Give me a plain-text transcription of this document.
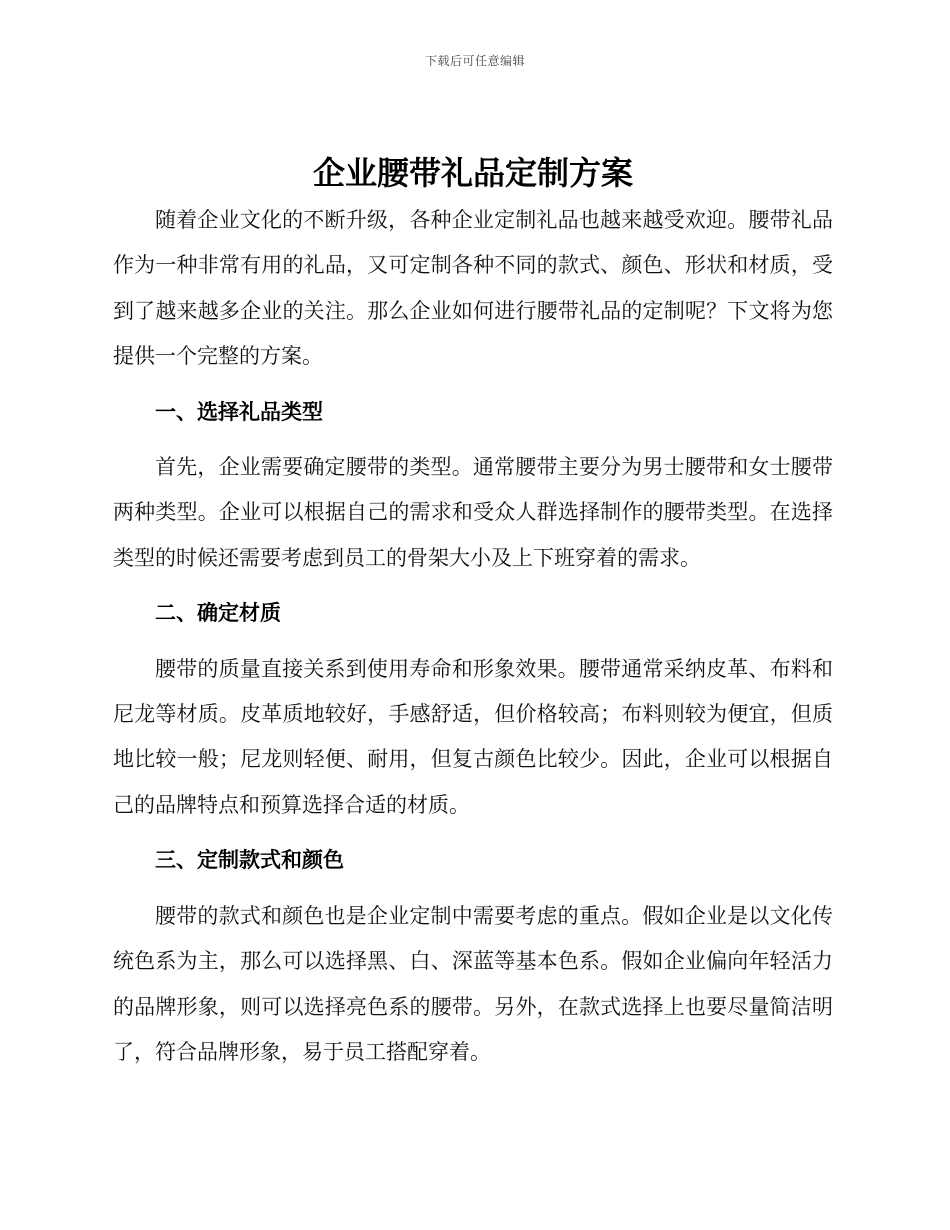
下载后可任意编辑
企业腰带礼品定制方案

随着企业文化的不断升级，各种企业定制礼品也越来越受欢迎。腰带礼品作为一种非常有用的礼品，又可定制各种不同的款式、颜色、形状和材质，受到了越来越多企业的关注。那么企业如何进行腰带礼品的定制呢？下文将为您提供一个完整的方案。

一、选择礼品类型

首先，企业需要确定腰带的类型。通常腰带主要分为男士腰带和女士腰带两种类型。企业可以根据自己的需求和受众人群选择制作的腰带类型。在选择类型的时候还需要考虑到员工的骨架大小及上下班穿着的需求。

二、确定材质

腰带的质量直接关系到使用寿命和形象效果。腰带通常采纳皮革、布料和尼龙等材质。皮革质地较好，手感舒适，但价格较高；布料则较为便宜，但质地比较一般；尼龙则轻便、耐用，但复古颜色比较少。因此，企业可以根据自己的品牌特点和预算选择合适的材质。

三、定制款式和颜色

腰带的款式和颜色也是企业定制中需要考虑的重点。假如企业是以文化传统色系为主，那么可以选择黑、白、深蓝等基本色系。假如企业偏向年轻活力的品牌形象，则可以选择亮色系的腰带。另外，在款式选择上也要尽量简洁明了，符合品牌形象，易于员工搭配穿着。
